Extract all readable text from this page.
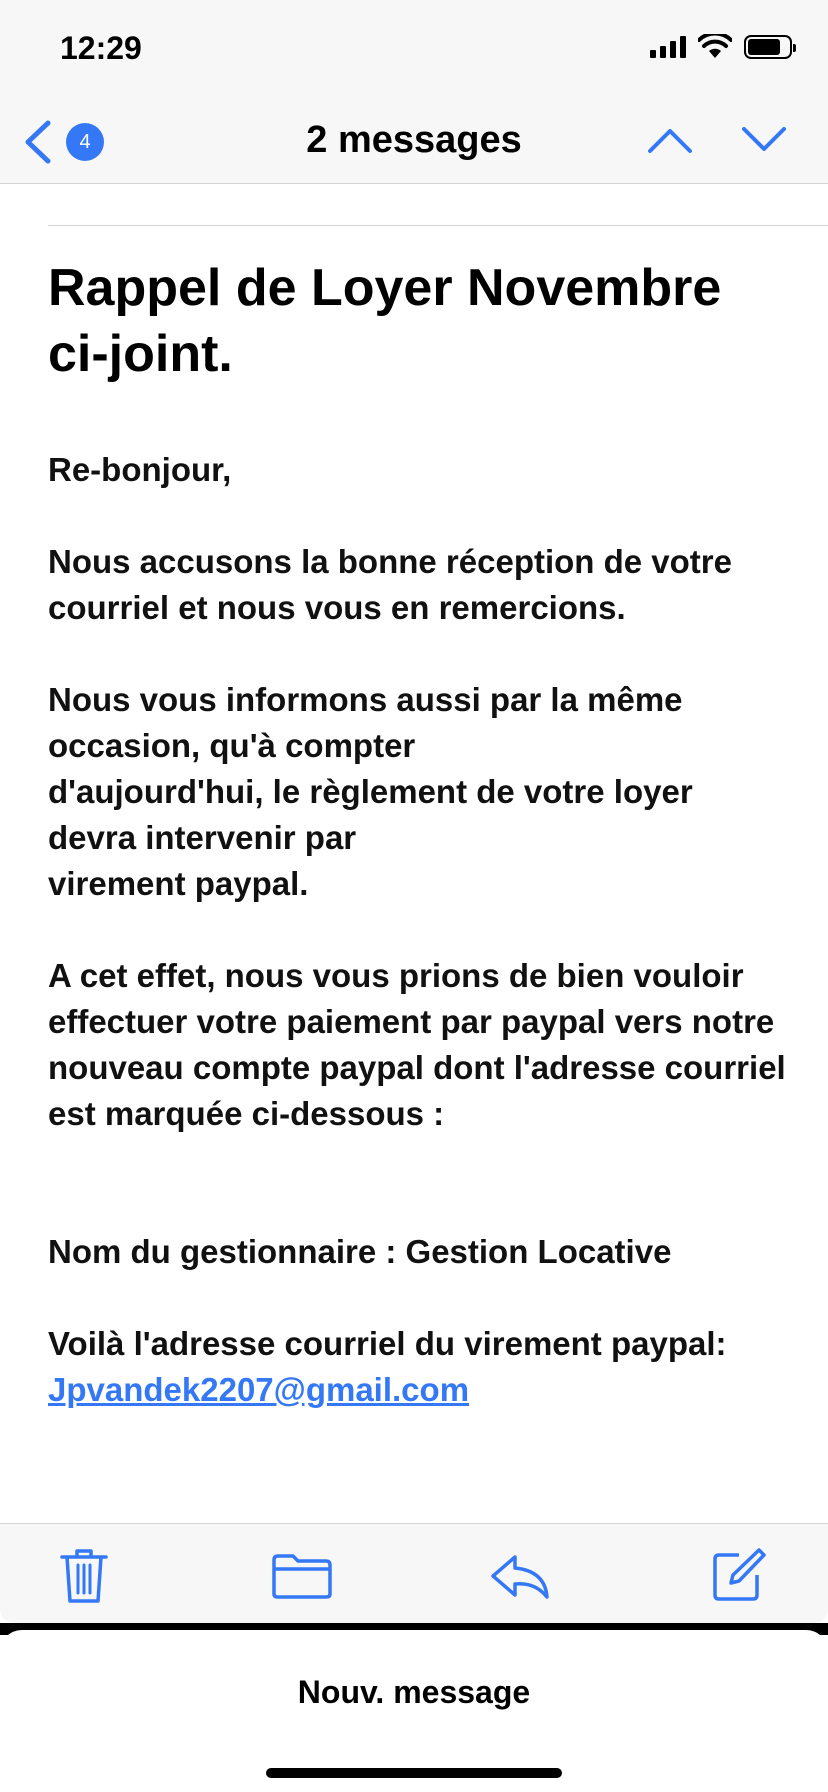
12:29
4	2 messages
Rappel de Loyer Novembre ci-joint.

Re-bonjour,

Nous accusons la bonne réception de votre courriel et nous vous en remercions.

Nous vous informons aussi par la même occasion, qu'à compter
d'aujourd'hui, le règlement de votre loyer devra intervenir par
virement paypal.

A cet effet, nous vous prions de bien vouloir effectuer votre paiement par paypal vers notre nouveau compte paypal dont l'adresse courriel est marquée ci-dessous :

Nom du gestionnaire : Gestion Locative

Voilà l'adresse courriel du virement paypal:

Jpvandek2207@gmail.com

Nouv. message
